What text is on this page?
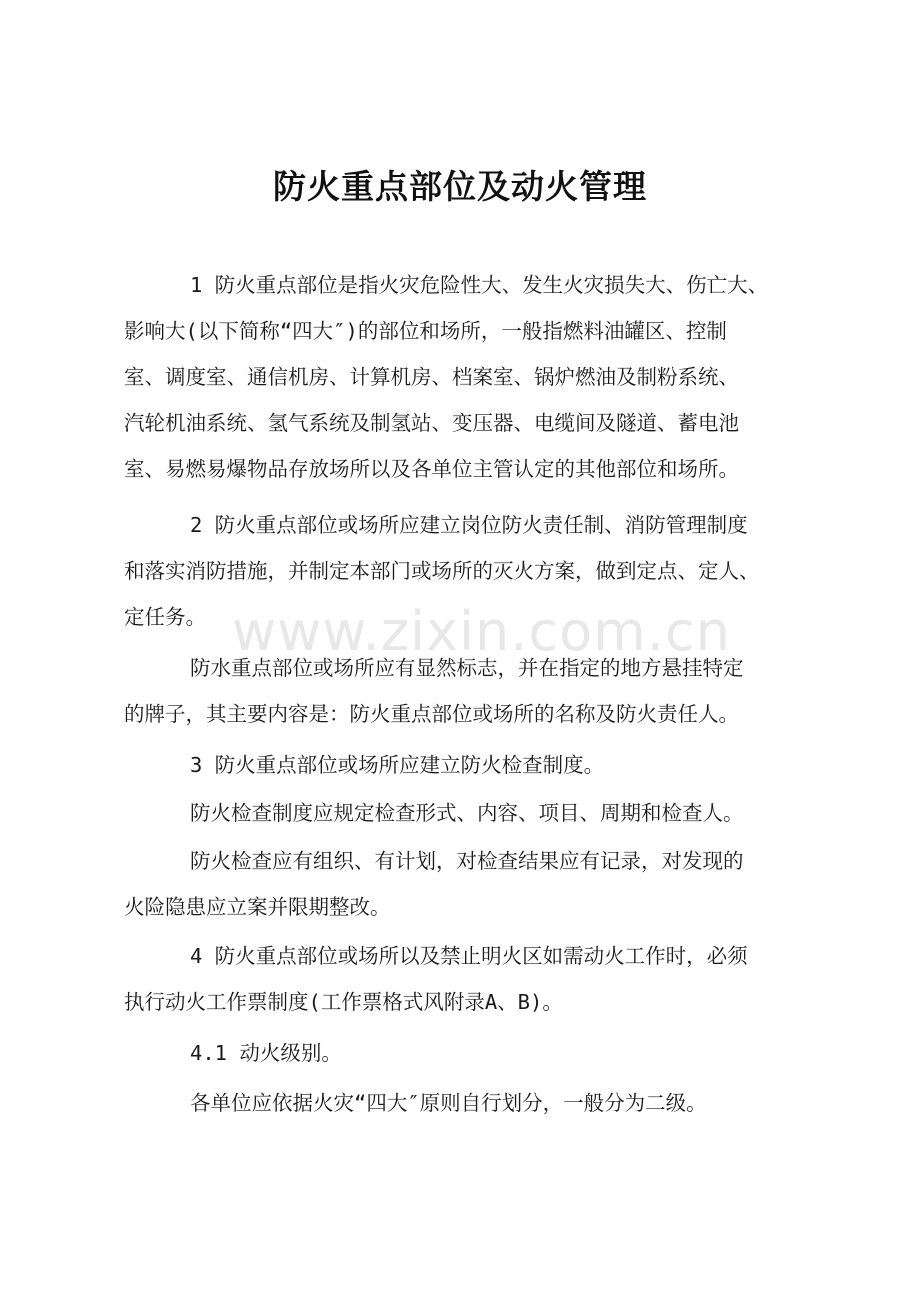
www.zixin.com.cn
防火重点部位及动火管理
1 防火重点部位是指火灾危险性大、发生火灾损失大、伤亡大、
影响大(以下简称“四大″)的部位和场所，一般指燃料油罐区、控制
室、调度室、通信机房、计算机房、档案室、锅炉燃油及制粉系统、
汽轮机油系统、氢气系统及制氢站、变压器、电缆间及隧道、蓄电池
室、易燃易爆物品存放场所以及各单位主管认定的其他部位和场所。
2 防火重点部位或场所应建立岗位防火责任制、消防管理制度
和落实消防措施，并制定本部门或场所的灭火方案，做到定点、定人、
定任务。
防水重点部位或场所应有显然标志，并在指定的地方悬挂特定
的牌子，其主要内容是：防火重点部位或场所的名称及防火责任人。
3 防火重点部位或场所应建立防火检查制度。
防火检查制度应规定检查形式、内容、项目、周期和检查人。
防火检查应有组织、有计划，对检查结果应有记录，对发现的
火险隐患应立案并限期整改。
4 防火重点部位或场所以及禁止明火区如需动火工作时，必须
执行动火工作票制度(工作票格式风附录A、B)。
4.1 动火级别。
各单位应依据火灾“四大″原则自行划分，一般分为二级。
